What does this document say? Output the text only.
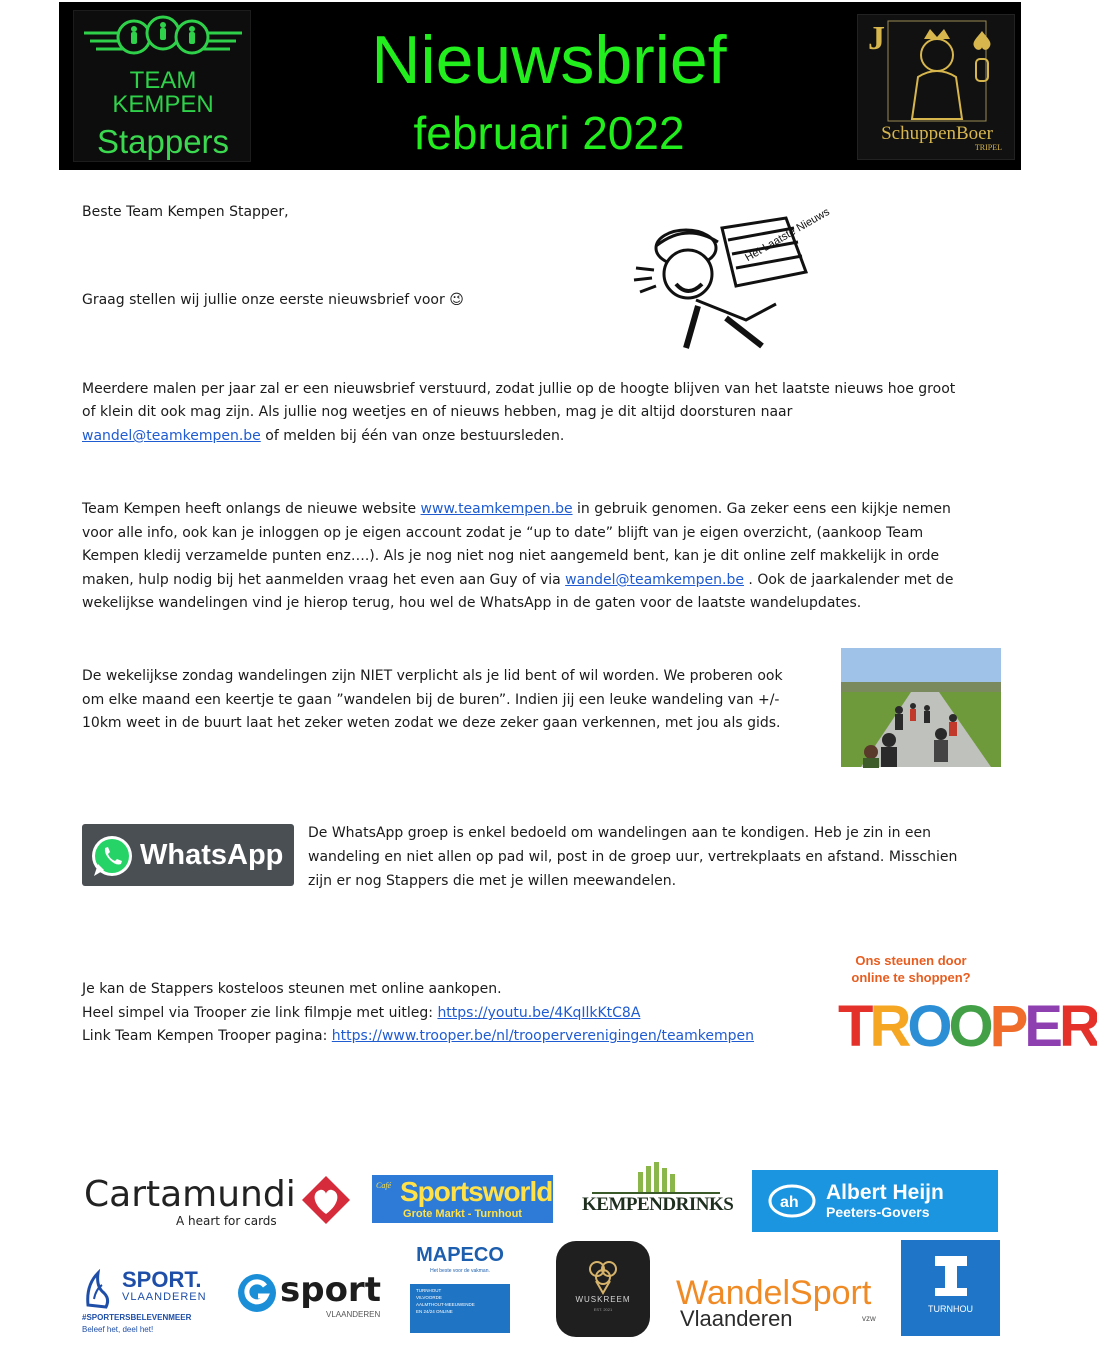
TEAM
KEMPEN
Stappers
Nieuwsbrief
februari 2022
J
SchuppenBoer
TRIPEL
Beste Team Kempen Stapper,
Graag stellen wij jullie onze eerste nieuwsbrief voor 😉
Het Laatste Nieuws
Meerdere malen per jaar zal er een nieuwsbrief verstuurd, zodat jullie op de hoogte blijven van het laatste nieuws hoe groot
of klein dit ook mag zijn. Als jullie nog weetjes en of nieuws hebben, mag je dit altijd doorsturen naar
wandel@teamkempen.be of melden bij één van onze bestuursleden.
Team Kempen heeft onlangs de nieuwe website www.teamkempen.be in gebruik genomen. Ga zeker eens een kijkje nemen
voor alle info, ook kan je inloggen op je eigen account zodat je “up to date” blijft van je eigen overzicht, (aankoop Team
Kempen kledij verzamelde punten enz….). Als je nog niet nog niet aangemeld bent, kan je dit online zelf makkelijk in orde
maken, hulp nodig bij het aanmelden vraag het even aan Guy of via wandel@teamkempen.be . Ook de jaarkalender met de
wekelijkse wandelingen vind je hierop terug, hou wel de WhatsApp in de gaten voor de laatste wandelupdates.
De wekelijkse zondag wandelingen zijn NIET verplicht als je lid bent of wil worden. We proberen ook
om elke maand een keertje te gaan ”wandelen bij de buren”. Indien jij een leuke wandeling van +/-
10km weet in de buurt laat het zeker weten zodat we deze zeker gaan verkennen, met jou als gids.
WhatsApp
De WhatsApp groep is enkel bedoeld om wandelingen aan te kondigen. Heb je zin in een
wandeling en niet allen op pad wil, post in de groep uur, vertrekplaats en afstand. Misschien
zijn er nog Stappers die met je willen meewandelen.
Je kan de Stappers kosteloos steunen met online aankopen.
Heel simpel via Trooper zie link filmpje met uitleg: https://youtu.be/4KqIlkKtC8A
Link Team Kempen Trooper pagina: https://www.trooper.be/nl/trooperverenigingen/teamkempen
Ons steunen door
online te shoppen?
TROOPER
Cartamundi
A heart for cards
Café Sportsworld
Grote Markt - Turnhout	KEMPENDRINKS	ah Albert Heijn
Peeters-Govers
SPORT.
VLAANDEREN
#SPORTERSBELEVENMEER
Beleef het, deel het!
sport
VLAANDEREN
MAPECO
Het beste voor de vakman.
TURNHOUT
VILVOORDE
AALMTHOUT-MEEUWENDE
EN 24/24 ONLINE
WUSKREEM
EST. 2021	WandelSport
Vlaanderen	vzw
TURNHOU
